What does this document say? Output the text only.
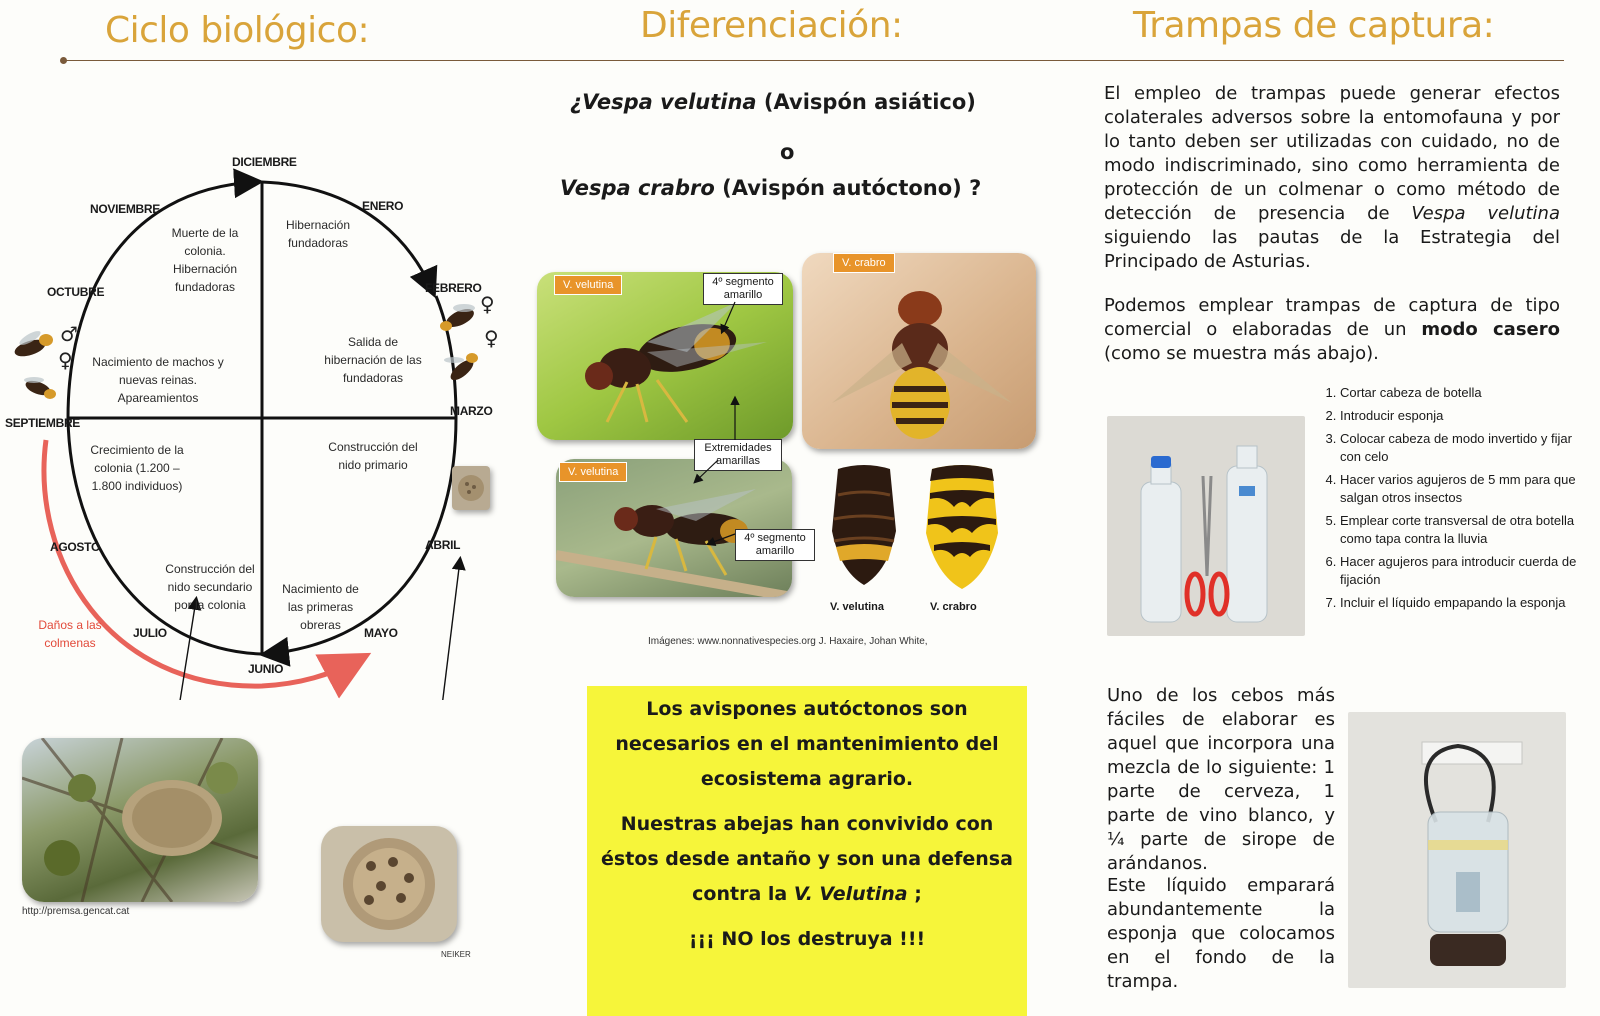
Ciclo biológico:	Diferenciación:	Trampas de captura:
DICIEMBRE
ENERO
NOVIEMBRE
OCTUBRE	FEBRERO
MARZO
SEPTIEMBRE
AGOSTO	ABRIL
JULIO	MAYO
JUNIO
Muerte de la colonia. Hibernación fundadoras
Hibernación fundadoras
Salida de hibernación de las fundadoras
Nacimiento de machos y nuevas reinas. Apareamientos
Crecimiento de la colonia (1.200 – 1.800 individuos)
Construcción del nido primario
Construcción del nido secundario por la colonia
Nacimiento de las primeras obreras
Daños a las colmenas
♂
♀
♀
♀
http://premsa.gencat.cat
NEIKER
¿Vespa velutina (Avispón asiático)
o
Vespa crabro (Avispón autóctono) ?
V. velutina	4º segmento amarillo
V. crabro
V. velutina
Extremidades amarillas
4º segmento amarillo
V. velutina	V. crabro
Imágenes: www.nonnativespecies.org J. Haxaire, Johan White,

Los avispones autóctonos son necesarios en el mantenimiento del ecosistema agrario.

Nuestras abejas han convivido con éstos desde antaño y son una defensa contra la V. Velutina ;

¡¡¡ NO los destruya !!!

El empleo de trampas puede generar efectos colaterales adversos sobre la entomofauna y por lo tanto deben ser utilizadas con cuidado, no de modo indiscriminado, sino como herramienta de protección de un colmenar o como método de detección de presencia de Vespa velutina siguiendo las pautas de la Estrategia del Principado de Asturias.
Podemos emplear trampas de captura de tipo comercial o elaboradas de un modo casero (como se muestra más abajo).
1. Cortar cabeza de botella
2. Introducir esponja
3. Colocar cabeza de modo invertido y fijar con celo
4. Hacer varios agujeros de 5 mm para que salgan otros insectos
5. Emplear corte transversal de otra botella como tapa contra la lluvia
6. Hacer agujeros para introducir cuerda de fijación
7. Incluir el líquido empapando la esponja
Uno de los cebos más fáciles de elaborar es aquel que incorpora una mezcla de lo siguiente: 1 parte de cerveza, 1 parte de vino blanco, y ¼ parte de sirope de arándanos.
Este líquido emparará abundantemente la esponja que colocamos en el fondo de la trampa.
